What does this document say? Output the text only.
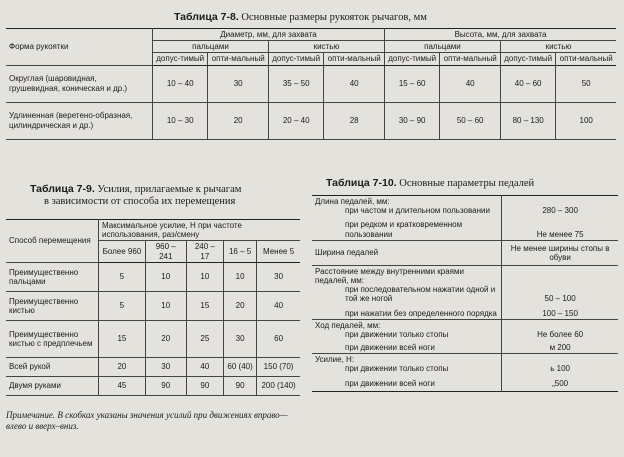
Таблица 7-8. Основные размеры рукояток рычагов, мм
Форма рукоятки	Диаметр, мм, для захвата				Высота, мм, для захвата			
	пальцами		кистью		пальцами		кистью	
	допус-тимый	опти-мальный	допус-тимый	опти-мальный	допус-тимый	опти-мальный	допус-тимый	опти-мальный
Округлая (шаровидная, грушевидная, коническая и др.)	10 – 40	30	35 – 50	40	15 – 60	40	40 – 60	50
Удлиненная (веретено-образная, цилиндрическая и др.)	10 – 30	20	20 – 40	28	30 – 90	50 – 60	80 – 130	100
Таблица 7-9. Усилия, прилагаемые к рычагам
в зависимости от способа их перемещения
Способ перемещения	Максимальное усилие, Н при частоте использования, раз/смену				
	Более 960	960 – 241	240 – 17	16 – 5	Менее 5
Преимущественно пальцами	5	10	10	10	30
Преимущественно кистью	5	10	15	20	40
Преимущественно кистью с предплечьем	15	20	25	30	60
Всей рукой	20	30	40	60 (40)	150 (70)
Двумя руками	45	90	90	90	200 (140)
Примечание. В скобках указаны значения усилий при движениях вправо—влево и вверх–вниз.
Таблица 7-10. Основные параметры педалей
Длина педалей, мм:
при частом и длительном пользовании	280 – 300

при редком и кратковременном пользовании	Не менее 75
Ширина педалей	Не менее ширины стопы в обуви
Расстояние между внутренними краями педалей, мм:
при последовательном нажатии одной и той же ногой	50 – 100

при нажатии без определенного порядка	100 – 150
Ход педалей, мм:
при движении только стопы	Не более 60

при движении всей ноги	м 200
Усилие, Н:
при движении только стопы	ь 100

при движении всей ноги	„500
